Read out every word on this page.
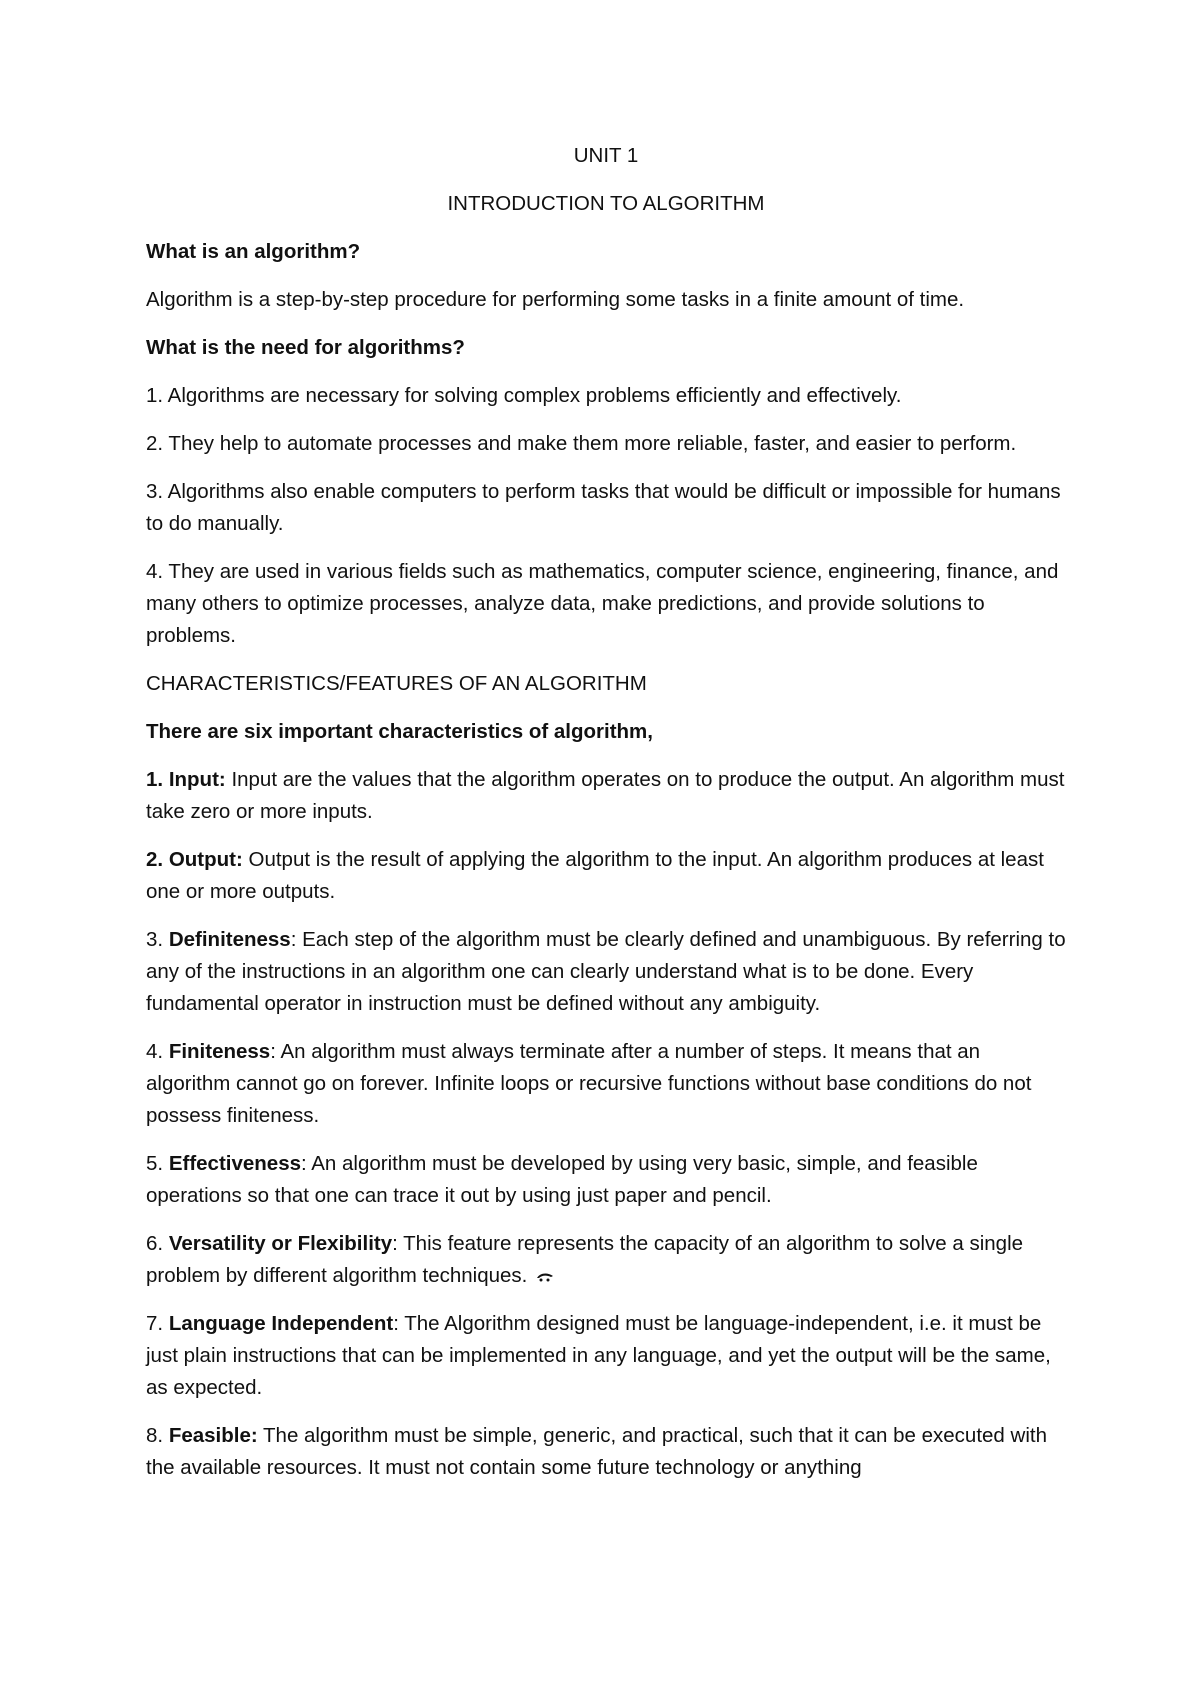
UNIT 1

INTRODUCTION TO ALGORITHM

What is an algorithm?

Algorithm is a step-by-step procedure for performing some tasks in a finite amount of time.

What is the need for algorithms?

1. Algorithms are necessary for solving complex problems efficiently and effectively.

2. They help to automate processes and make them more reliable, faster, and easier to perform.

3. Algorithms also enable computers to perform tasks that would be difficult or impossible for humans to do manually.

4. They are used in various fields such as mathematics, computer science, engineering, finance, and many others to optimize processes, analyze data, make predictions, and provide solutions to problems.

CHARACTERISTICS/FEATURES OF AN ALGORITHM

There are six important characteristics of algorithm,

1. Input: Input are the values that the algorithm operates on to produce the output. An algorithm must take zero or more inputs.

2. Output: Output is the result of applying the algorithm to the input. An algorithm produces at least one or more outputs.

3. Definiteness: Each step of the algorithm must be clearly defined and unambiguous. By referring to any of the instructions in an algorithm one can clearly understand what is to be done. Every fundamental operator in instruction must be defined without any ambiguity.

4. Finiteness: An algorithm must always terminate after a number of steps. It means that an algorithm cannot go on forever. Infinite loops or recursive functions without base conditions do not possess finiteness.

5. Effectiveness: An algorithm must be developed by using very basic, simple, and feasible operations so that one can trace it out by using just paper and pencil.

6. Versatility or Flexibility: This feature represents the capacity of an algorithm to solve a single problem by different algorithm techniques.

7. Language Independent: The Algorithm designed must be language-independent, i.e. it must be just plain instructions that can be implemented in any language, and yet the output will be the same, as expected.

8. Feasible: The algorithm must be simple, generic, and practical, such that it can be executed with the available resources. It must not contain some future technology or anything
